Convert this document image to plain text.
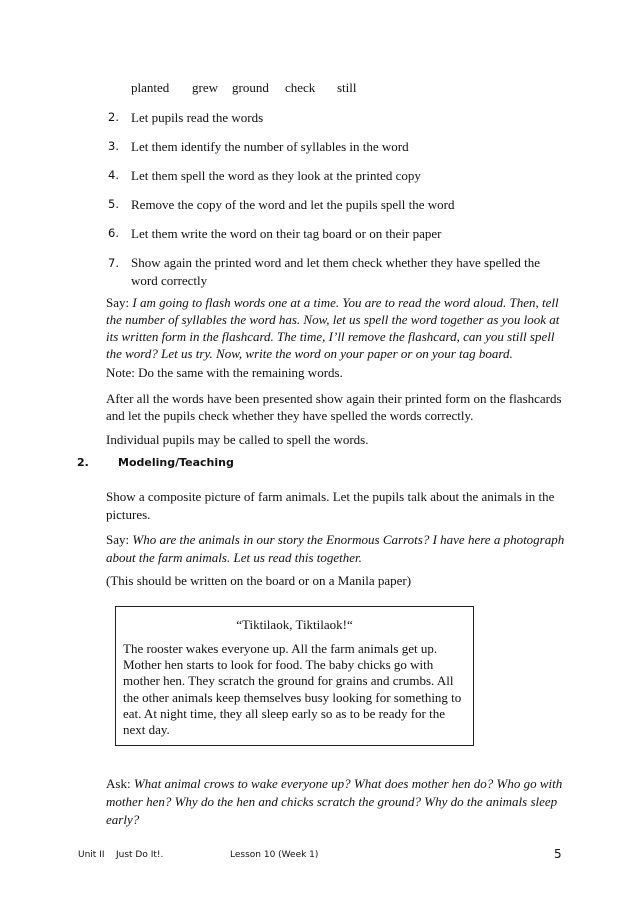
planted grew ground check still
2. Let pupils read the words
3. Let them identify the number of syllables in the word
4. Let them spell the word as they look at the printed copy
5. Remove the copy of the word and let the pupils spell the word
6. Let them write the word on their tag board or on their paper
7. Show again the printed word and let them check whether they have spelled the word correctly
Say: I am going to flash words one at a time. You are to read the word aloud. Then, tell the number of syllables the word has. Now, let us spell the word together as you look at its written form in the flashcard. The time, I’ll remove the flashcard, can you still spell the word? Let us try. Now, write the word on your paper or on your tag board.
Note: Do the same with the remaining words.
After all the words have been presented show again their printed form on the flashcards and let the pupils check whether they have spelled the words correctly.
Individual pupils may be called to spell the words.
2.	Modeling/Teaching
Show a composite picture of farm animals. Let the pupils talk about the animals in the pictures.
Say: Who are the animals in our story the Enormous Carrots? I have here a photograph about the farm animals. Let us read this together.
(This should be written on the board or on a Manila paper)
“Tiktilaok, Tiktilaok!“
The rooster wakes everyone up. All the farm animals get up. Mother hen starts to look for food. The baby chicks go with mother hen. They scratch the ground for grains and crumbs. All the other animals keep themselves busy looking for something to eat. At night time, they all sleep early so as to be ready for the next day.
Ask: What animal crows to wake everyone up? What does mother hen do? Who go with mother hen? Why do the hen and chicks scratch the ground? Why do the animals sleep early?
Unit II Just Do It!.	Lesson 10 (Week 1)	5
